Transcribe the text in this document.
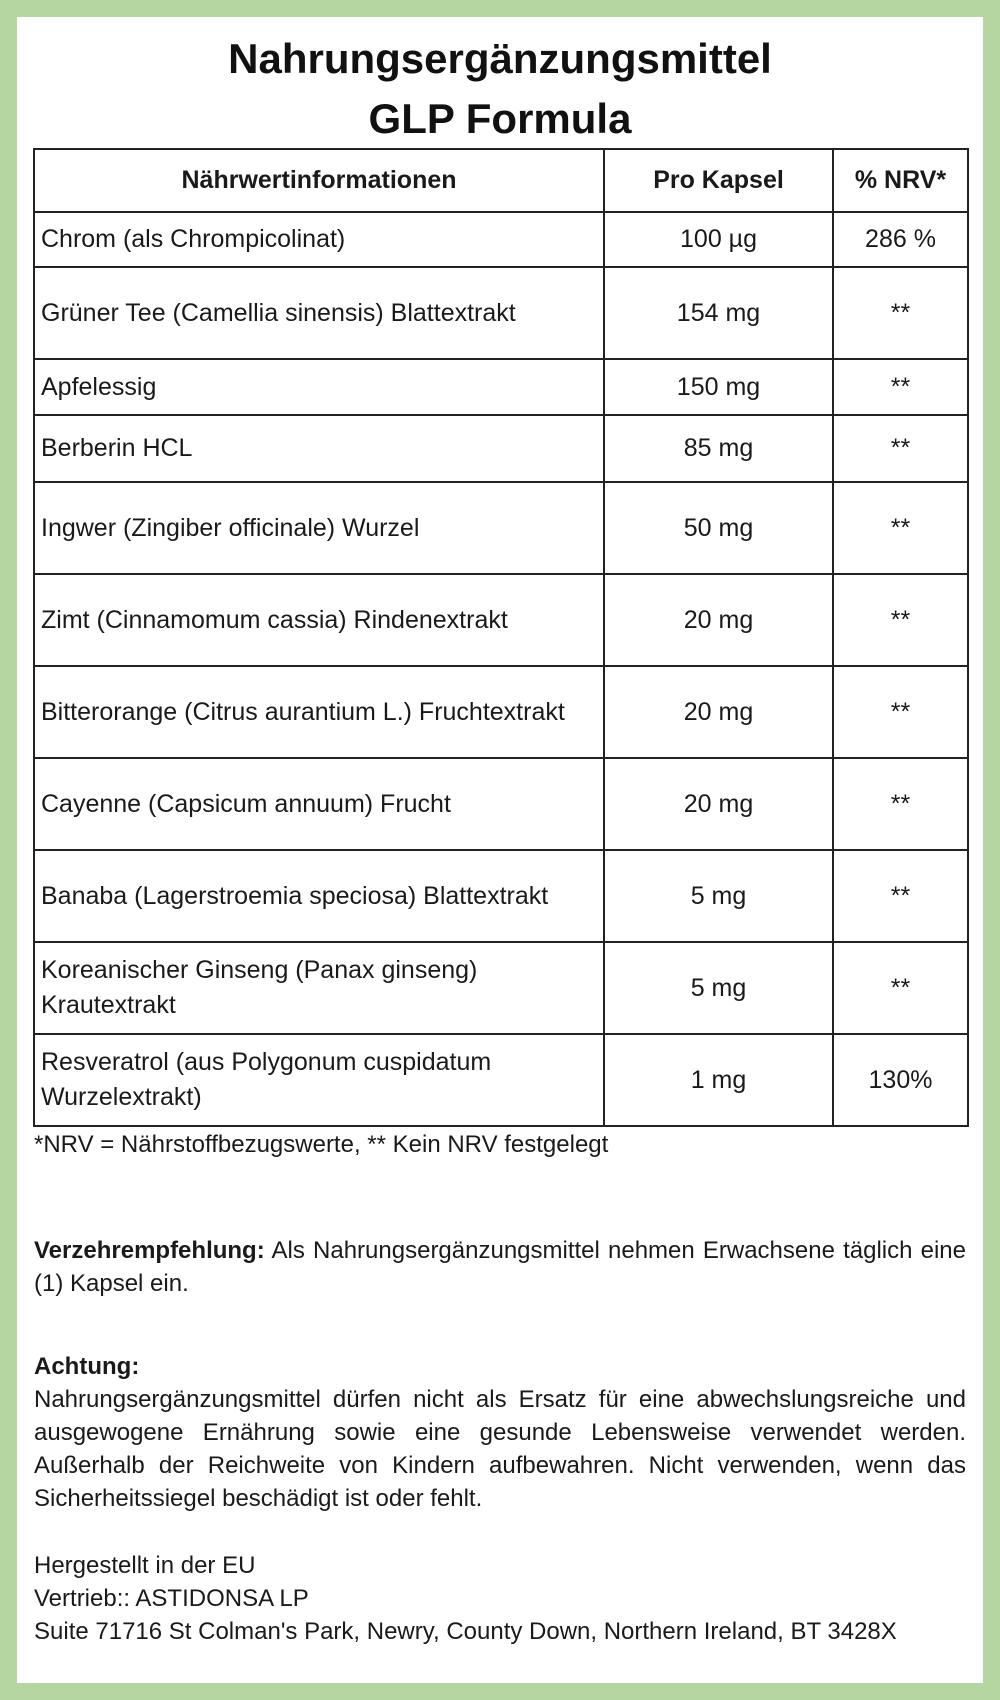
Nahrungsergänzungsmittel
GLP Formula
Nährwertinformationen	Pro Kapsel	% NRV*
Chrom (als Chrompicolinat)	100 µg	286 %
Grüner Tee (Camellia sinensis) Blattextrakt	154 mg	**
Apfelessig	150 mg	**
Berberin HCL	85 mg	**
Ingwer (Zingiber officinale) Wurzel	50 mg	**
Zimt (Cinnamomum cassia) Rindenextrakt	20 mg	**
Bitterorange (Citrus aurantium L.) Fruchtextrakt	20 mg	**
Cayenne (Capsicum annuum) Frucht	20 mg	**
Banaba (Lagerstroemia speciosa) Blattextrakt	5 mg	**
Koreanischer Ginseng (Panax ginseng) Krautextrakt	5 mg	**
Resveratrol (aus Polygonum cuspidatum Wurzelextrakt)	1 mg	130%
*NRV = Nährstoffbezugswerte, ** Kein NRV festgelegt
Verzehrempfehlung: Als Nahrungsergänzungsmittel nehmen Erwachsene täglich eine (1) Kapsel ein.
Achtung:
Nahrungsergänzungsmittel dürfen nicht als Ersatz für eine abwechslungsreiche und ausgewogene Ernährung sowie eine gesunde Lebensweise verwendet werden. Außerhalb der Reichweite von Kindern aufbewahren. Nicht verwenden, wenn das Sicherheitssiegel beschädigt ist oder fehlt.
Hergestellt in der EU
Vertrieb:: ASTIDONSA LP
Suite 71716 St Colman's Park, Newry, County Down, Northern Ireland, BT 3428X
